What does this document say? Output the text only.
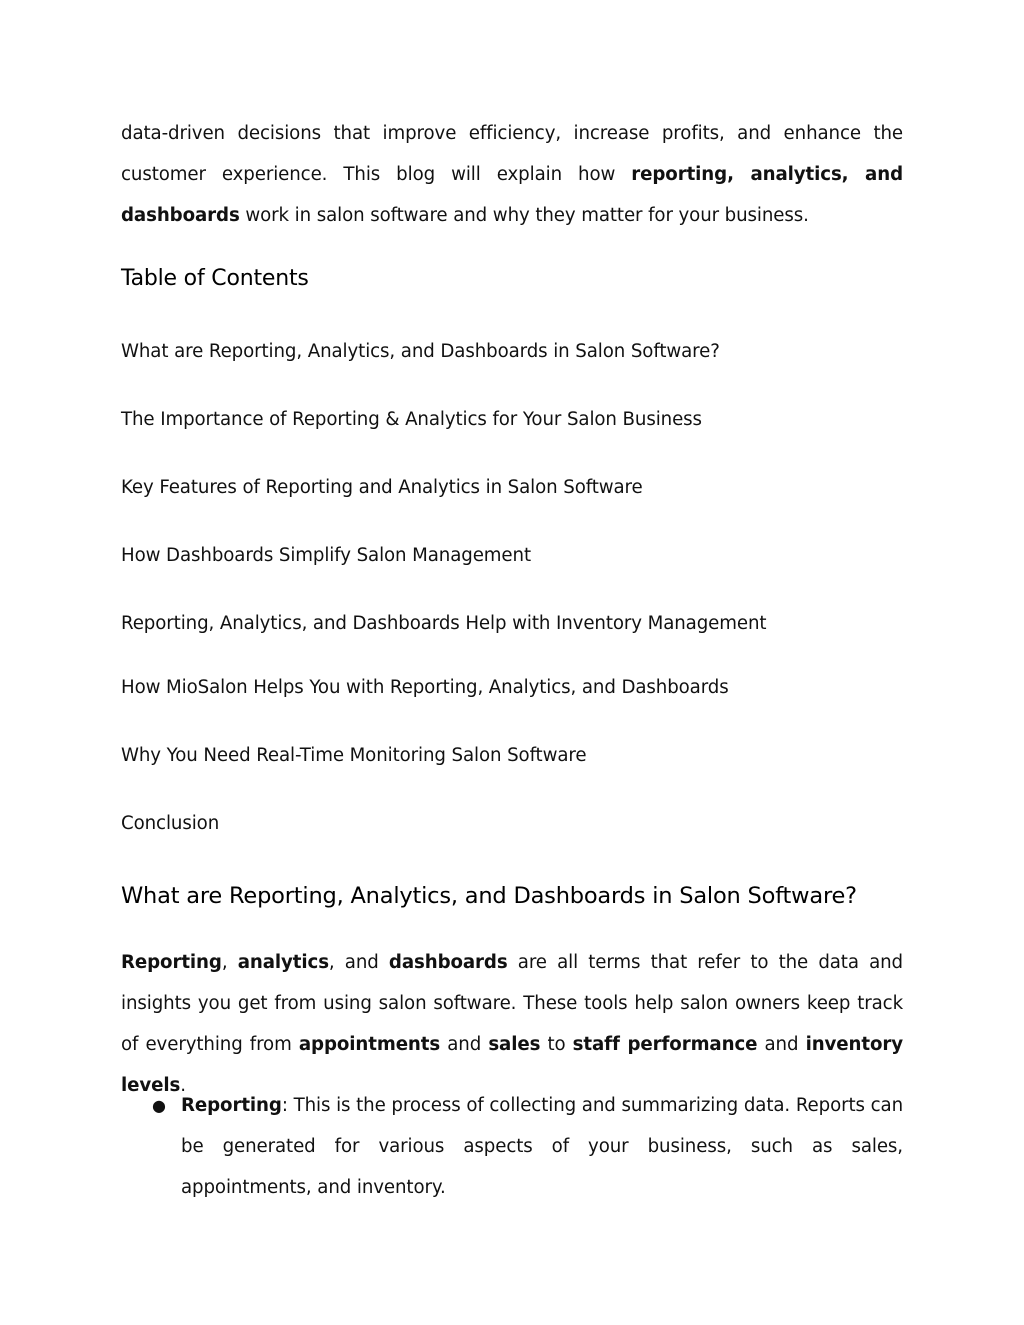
data-driven decisions that improve efficiency, increase profits, and enhance the customer experience. This blog will explain how reporting, analytics, and dashboards work in salon software and why they matter for your business.

Table of Contents
What are Reporting, Analytics, and Dashboards in Salon Software?
The Importance of Reporting & Analytics for Your Salon Business
Key Features of Reporting and Analytics in Salon Software
How Dashboards Simplify Salon Management
Reporting, Analytics, and Dashboards Help with Inventory Management
How MioSalon Helps You with Reporting, Analytics, and Dashboards
Why You Need Real-Time Monitoring Salon Software
Conclusion
What are Reporting, Analytics, and Dashboards in Salon Software?

Reporting, analytics, and dashboards are all terms that refer to the data and insights you get from using salon software. These tools help salon owners keep track of everything from appointments and sales to staff performance and inventory levels.

● Reporting: This is the process of collecting and summarizing data. Reports can be generated for various aspects of your business, such as sales, appointments, and inventory.
